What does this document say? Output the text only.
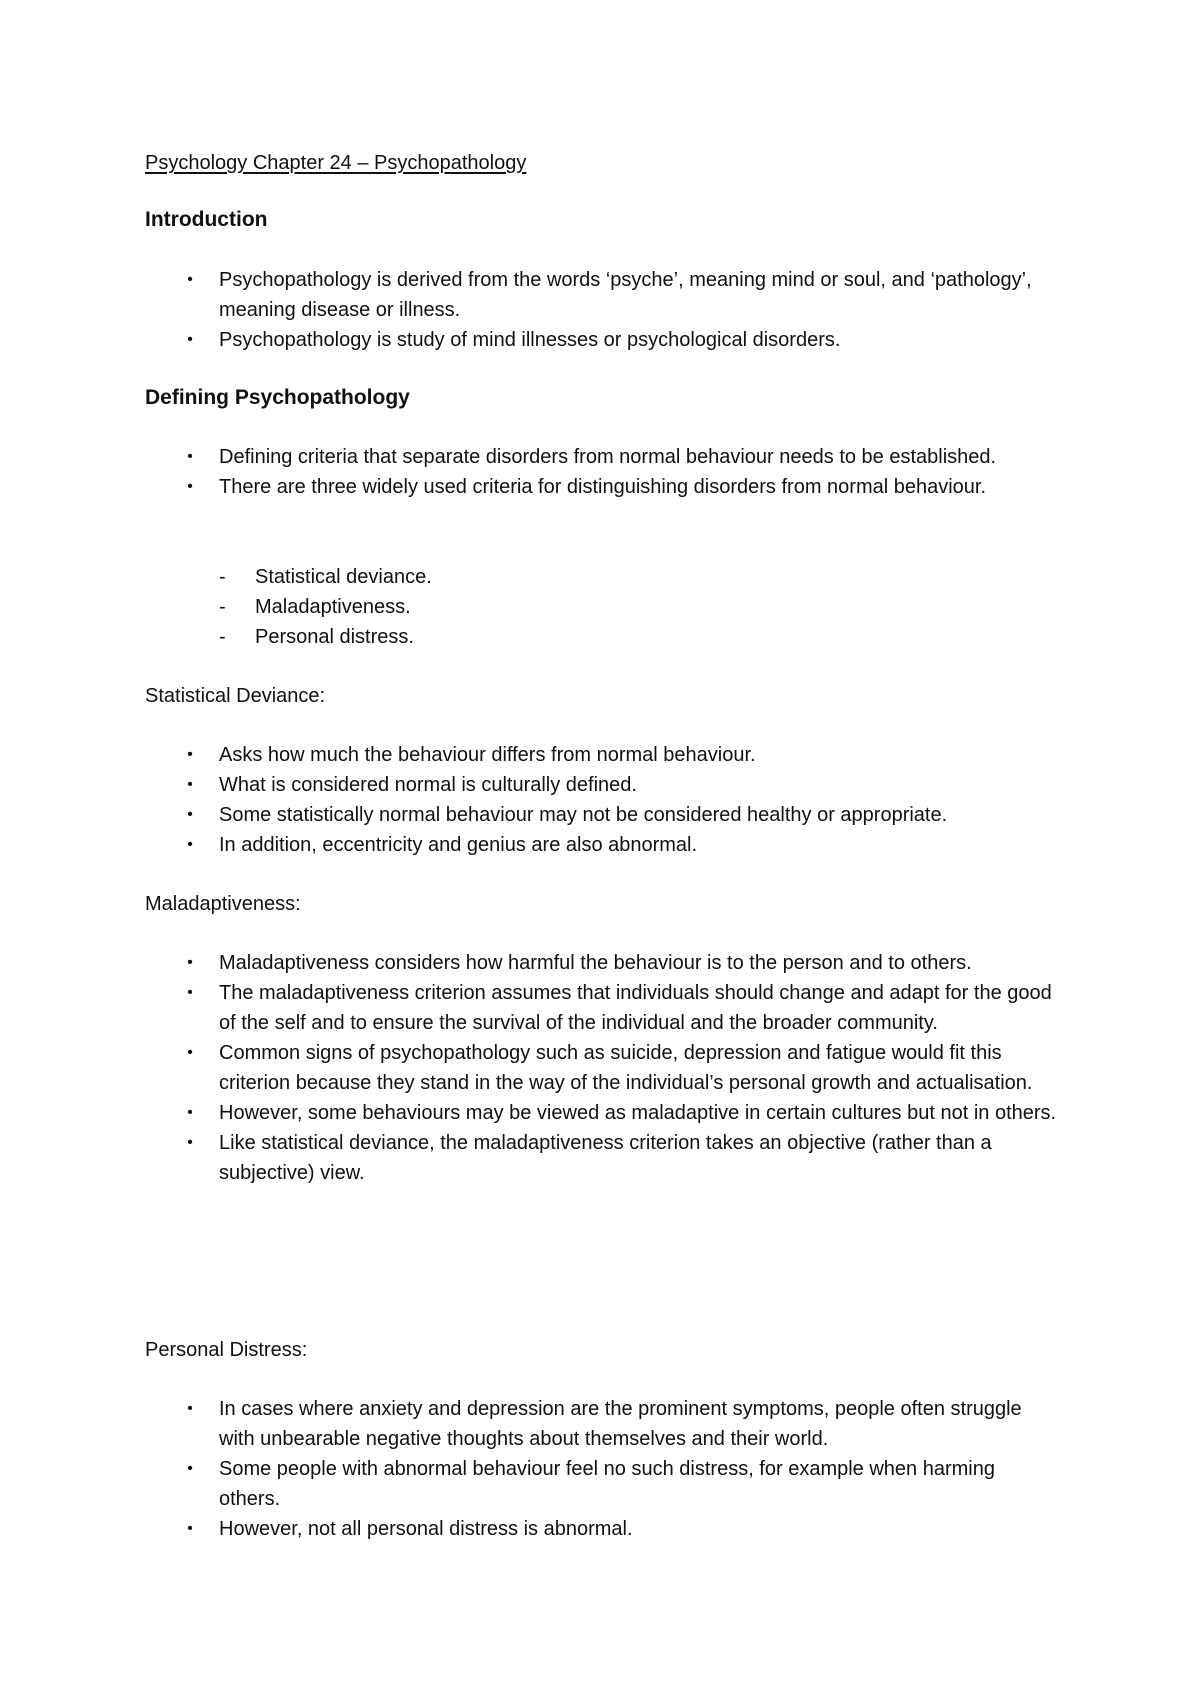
Psychology Chapter 24 – Psychopathology
Introduction
• Psychopathology is derived from the words ‘psyche’, meaning mind or soul, and ‘pathology’, meaning disease or illness.
• Psychopathology is study of mind illnesses or psychological disorders.
Defining Psychopathology
• Defining criteria that separate disorders from normal behaviour needs to be established.
• There are three widely used criteria for distinguishing disorders from normal behaviour.
- Statistical deviance.
- Maladaptiveness.
- Personal distress.
Statistical Deviance:
• Asks how much the behaviour differs from normal behaviour.
• What is considered normal is culturally defined.
• Some statistically normal behaviour may not be considered healthy or appropriate.
• In addition, eccentricity and genius are also abnormal.
Maladaptiveness:
• Maladaptiveness considers how harmful the behaviour is to the person and to others.
• The maladaptiveness criterion assumes that individuals should change and adapt for the good of the self and to ensure the survival of the individual and the broader community.
• Common signs of psychopathology such as suicide, depression and fatigue would fit this criterion because they stand in the way of the individual’s personal growth and actualisation.
• However, some behaviours may be viewed as maladaptive in certain cultures but not in others.
• Like statistical deviance, the maladaptiveness criterion takes an objective (rather than a subjective) view.
Personal Distress:
• In cases where anxiety and depression are the prominent symptoms, people often struggle with unbearable negative thoughts about themselves and their world.
• Some people with abnormal behaviour feel no such distress, for example when harming others.
• However, not all personal distress is abnormal.
